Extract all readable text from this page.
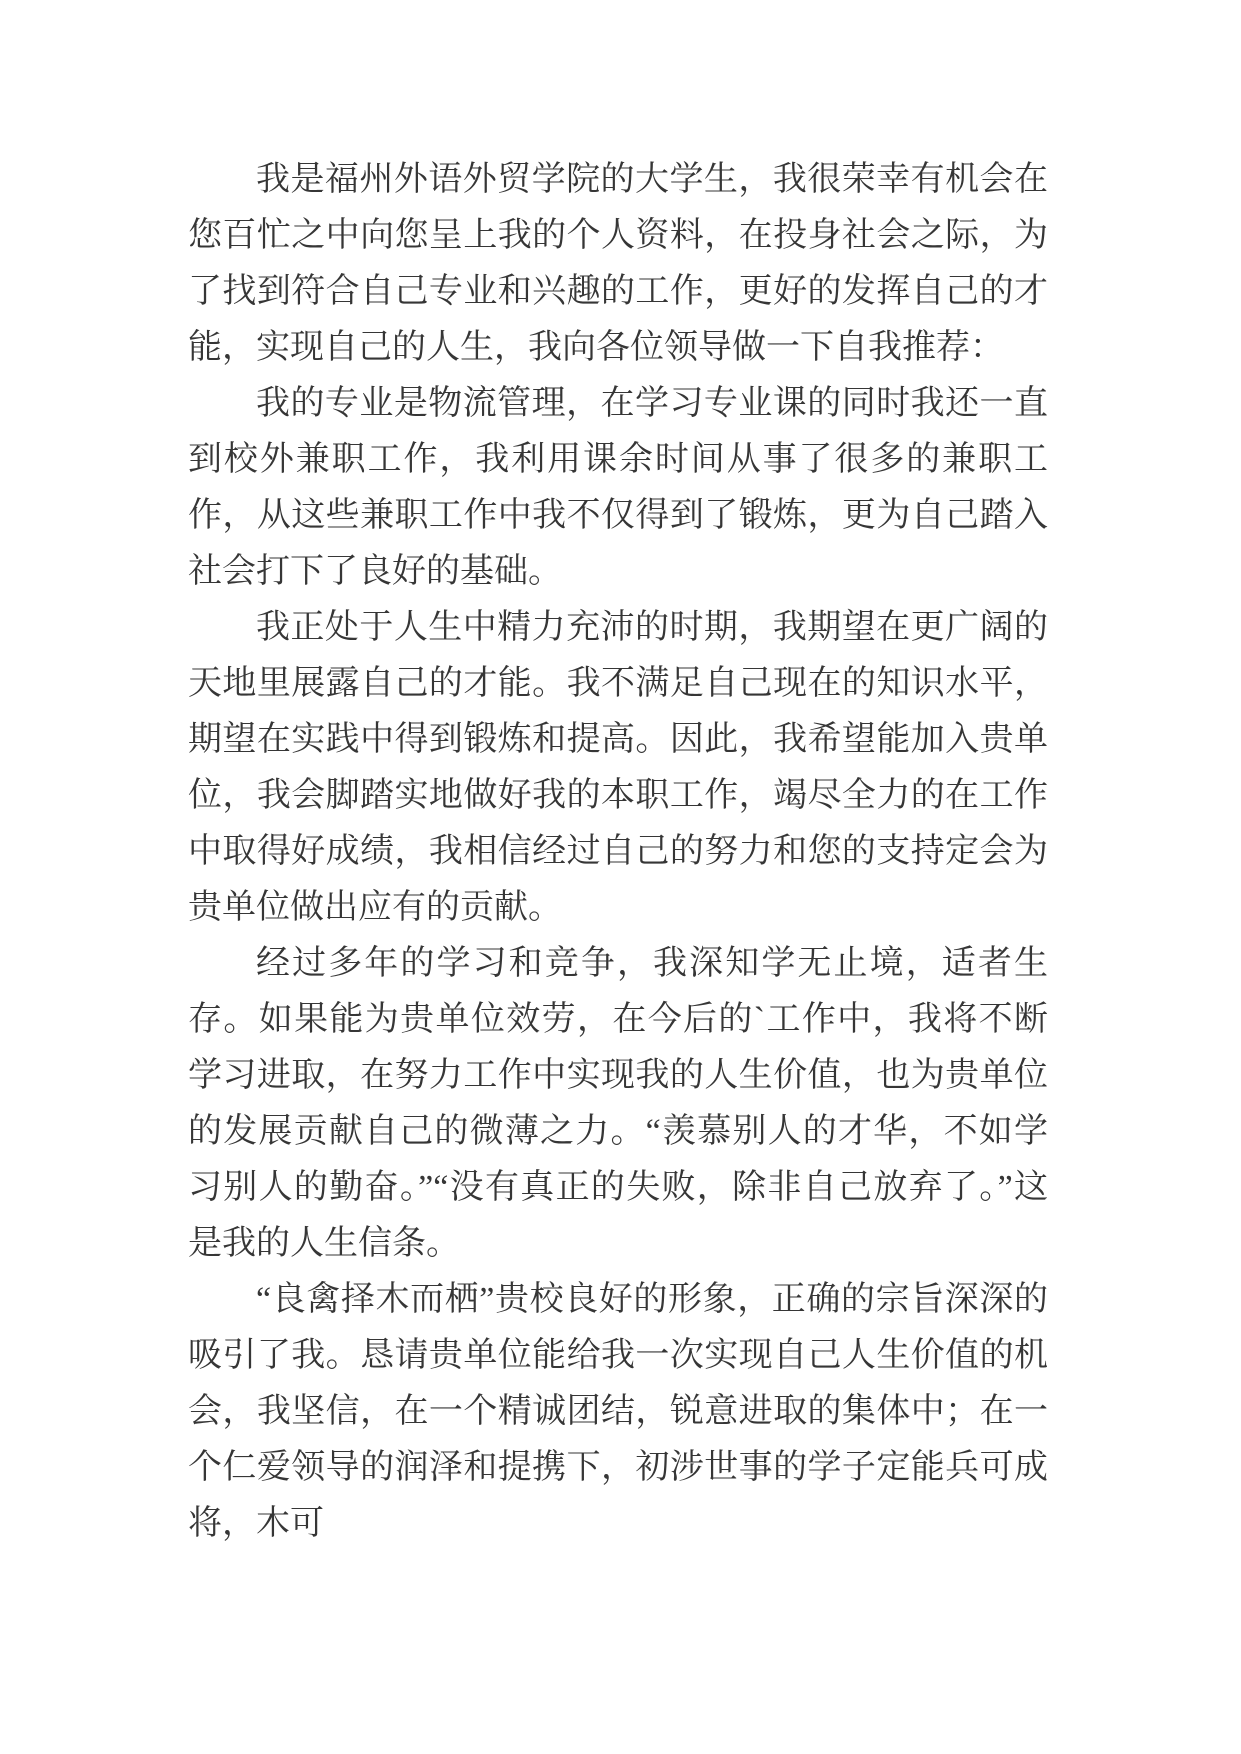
我是福州外语外贸学院的大学生，我很荣幸有机会在您百忙之中向您呈上我的个人资料，在投身社会之际，为了找到符合自己专业和兴趣的工作，更好的发挥自己的才能，实现自己的人生，我向各位领导做一下自我推荐：

我的专业是物流管理，在学习专业课的同时我还一直到校外兼职工作，我利用课余时间从事了很多的兼职工作，从这些兼职工作中我不仅得到了锻炼，更为自己踏入社会打下了良好的基础。

我正处于人生中精力充沛的时期，我期望在更广阔的天地里展露自己的才能。我不满足自己现在的知识水平，期望在实践中得到锻炼和提高。因此，我希望能加入贵单位，我会脚踏实地做好我的本职工作，竭尽全力的在工作中取得好成绩，我相信经过自己的努力和您的支持定会为贵单位做出应有的贡献。

经过多年的学习和竞争，我深知学无止境，适者生存。如果能为贵单位效劳，在今后的`工作中，我将不断学习进取，在努力工作中实现我的人生价值，也为贵单位的发展贡献自己的微薄之力。“羡慕别人的才华，不如学习别人的勤奋。”“没有真正的失败，除非自己放弃了。”这是我的人生信条。

“良禽择木而栖”贵校良好的形象，正确的宗旨深深的吸引了我。恳请贵单位能给我一次实现自己人生价值的机会，我坚信，在一个精诚团结，锐意进取的集体中；在一个仁爱领导的润泽和提携下，初涉世事的学子定能兵可成将，木可
